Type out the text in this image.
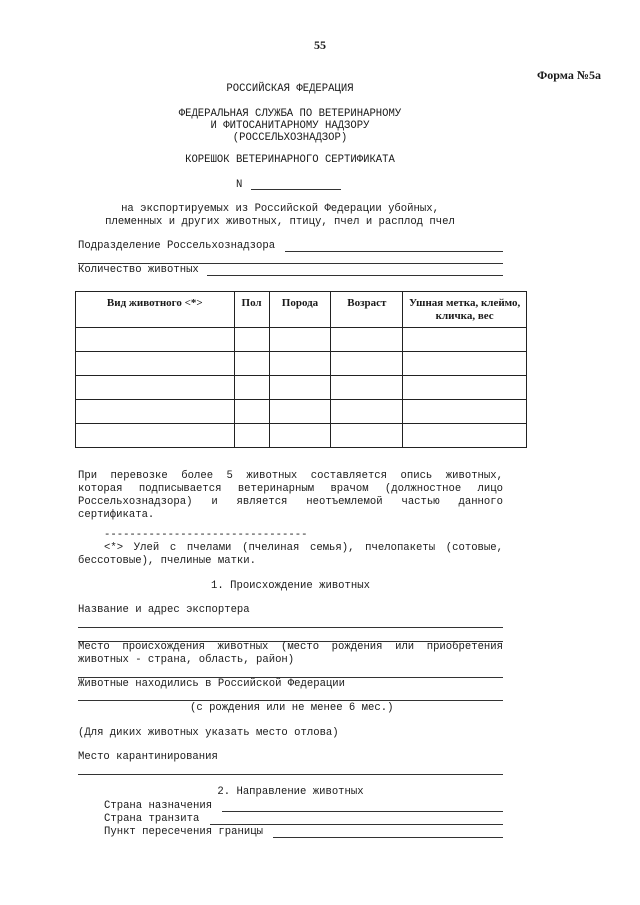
55
Форма №5а
РОССИЙСКАЯ ФЕДЕРАЦИЯ
ФЕДЕРАЛЬНАЯ СЛУЖБА ПО ВЕТЕРИНАРНОМУ
И ФИТОСАНИТАРНОМУ НАДЗОРУ
(РОССЕЛЬХОЗНАДЗОР)
КОРЕШОК ВЕТЕРИНАРНОГО СЕРТИФИКАТА
N
на экспортируемых из Российской Федерации убойных,
племенных и других животных, птицу, пчел и расплод пчел
Подразделение Россельхознадзора
Количество животных
Вид животного <*>	Пол	Порода	Возраст	Ушная метка, клеймо, кличка, вес

При перевозке более 5 животных составляется опись животных, которая подписывается ветеринарным врачом (должностное лицо Россельхознадзора) и является неотъемлемой частью данного сертификата.
--------------------------------
<*> Улей с пчелами (пчелиная семья), пчелопакеты (сотовые, бессотовые), пчелиные матки.
1. Происхождение животных
Название и адрес экспортера
Место происхождения животных (место рождения или приобретения
животных - страна, область, район)
Животные находились в Российской Федерации
(с рождения или не менее 6 мес.)
(Для диких животных указать место отлова)
Место карантинирования
2. Направление животных
Страна назначения
Страна транзита
Пункт пересечения границы
